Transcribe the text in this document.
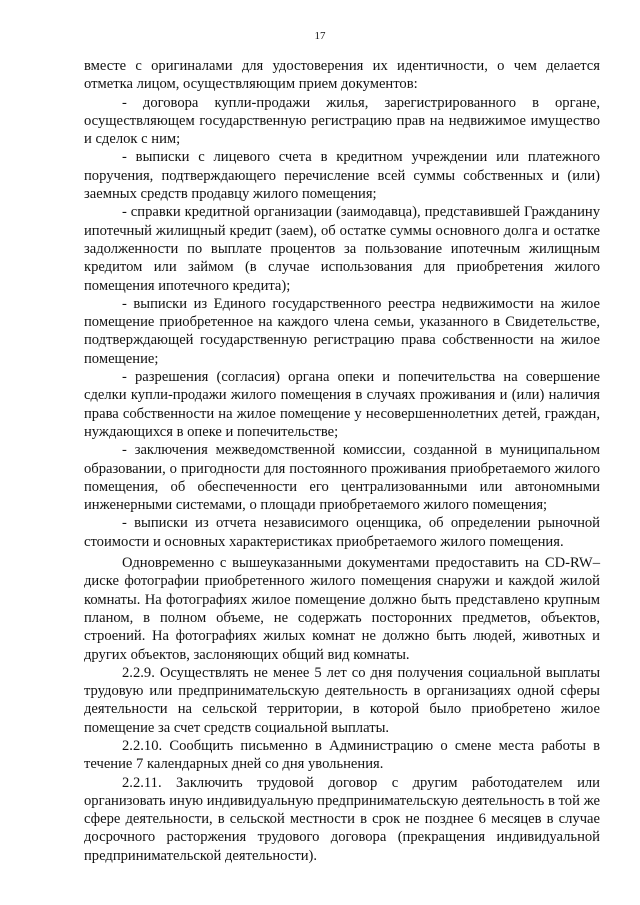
17

вместе с оригиналами для удостоверения их идентичности, о чем делается отметка лицом, осуществляющим прием документов:

- договора купли-продажи жилья, зарегистрированного в органе, осуществляющем государственную регистрацию прав на недвижимое имущество и сделок с ним;

- выписки с лицевого счета в кредитном учреждении или платежного поручения, подтверждающего перечисление всей суммы собственных и (или) заемных средств продавцу жилого помещения;

- справки кредитной организации (заимодавца), представившей Гражданину ипотечный жилищный кредит (заем), об остатке суммы основного долга и остатке задолженности по выплате процентов за пользование ипотечным жилищным кредитом или займом (в случае использования для приобретения жилого помещения ипотечного кредита);

- выписки из Единого государственного реестра недвижимости на жилое помещение приобретенное на каждого члена семьи, указанного в Свидетельстве, подтверждающей государственную регистрацию права собственности на жилое помещение;

- разрешения (согласия) органа опеки и попечительства на совершение сделки купли-продажи жилого помещения в случаях проживания и (или) наличия права собственности на жилое помещение у несовершеннолетних детей, граждан, нуждающихся в опеке и попечительстве;

- заключения межведомственной комиссии, созданной в муниципальном образовании, о пригодности для постоянного проживания приобретаемого жилого помещения, об обеспеченности его централизованными или автономными инженерными системами, о площади приобретаемого жилого помещения;

- выписки из отчета независимого оценщика, об определении рыночной стоимости и основных характеристиках приобретаемого жилого помещения.

Одновременно с вышеуказанными документами предоставить на CD-RW–диске фотографии приобретенного жилого помещения снаружи и каждой жилой комнаты. На фотографиях жилое помещение должно быть представлено крупным планом, в полном объеме, не содержать посторонних предметов, объектов, строений. На фотографиях жилых комнат не должно быть людей, животных и других объектов, заслоняющих общий вид комнаты.

2.2.9. Осуществлять не менее 5 лет со дня получения социальной выплаты трудовую или предпринимательскую деятельность в организациях одной сферы деятельности на сельской территории, в которой было приобретено жилое помещение за счет средств социальной выплаты.

2.2.10. Сообщить письменно в Администрацию о смене места работы в течение 7 календарных дней со дня увольнения.

2.2.11. Заключить трудовой договор с другим работодателем или организовать иную индивидуальную предпринимательскую деятельность в той же сфере деятельности, в сельской местности в срок не позднее 6 месяцев в случае досрочного расторжения трудового договора (прекращения индивидуальной предпринимательской деятельности).
